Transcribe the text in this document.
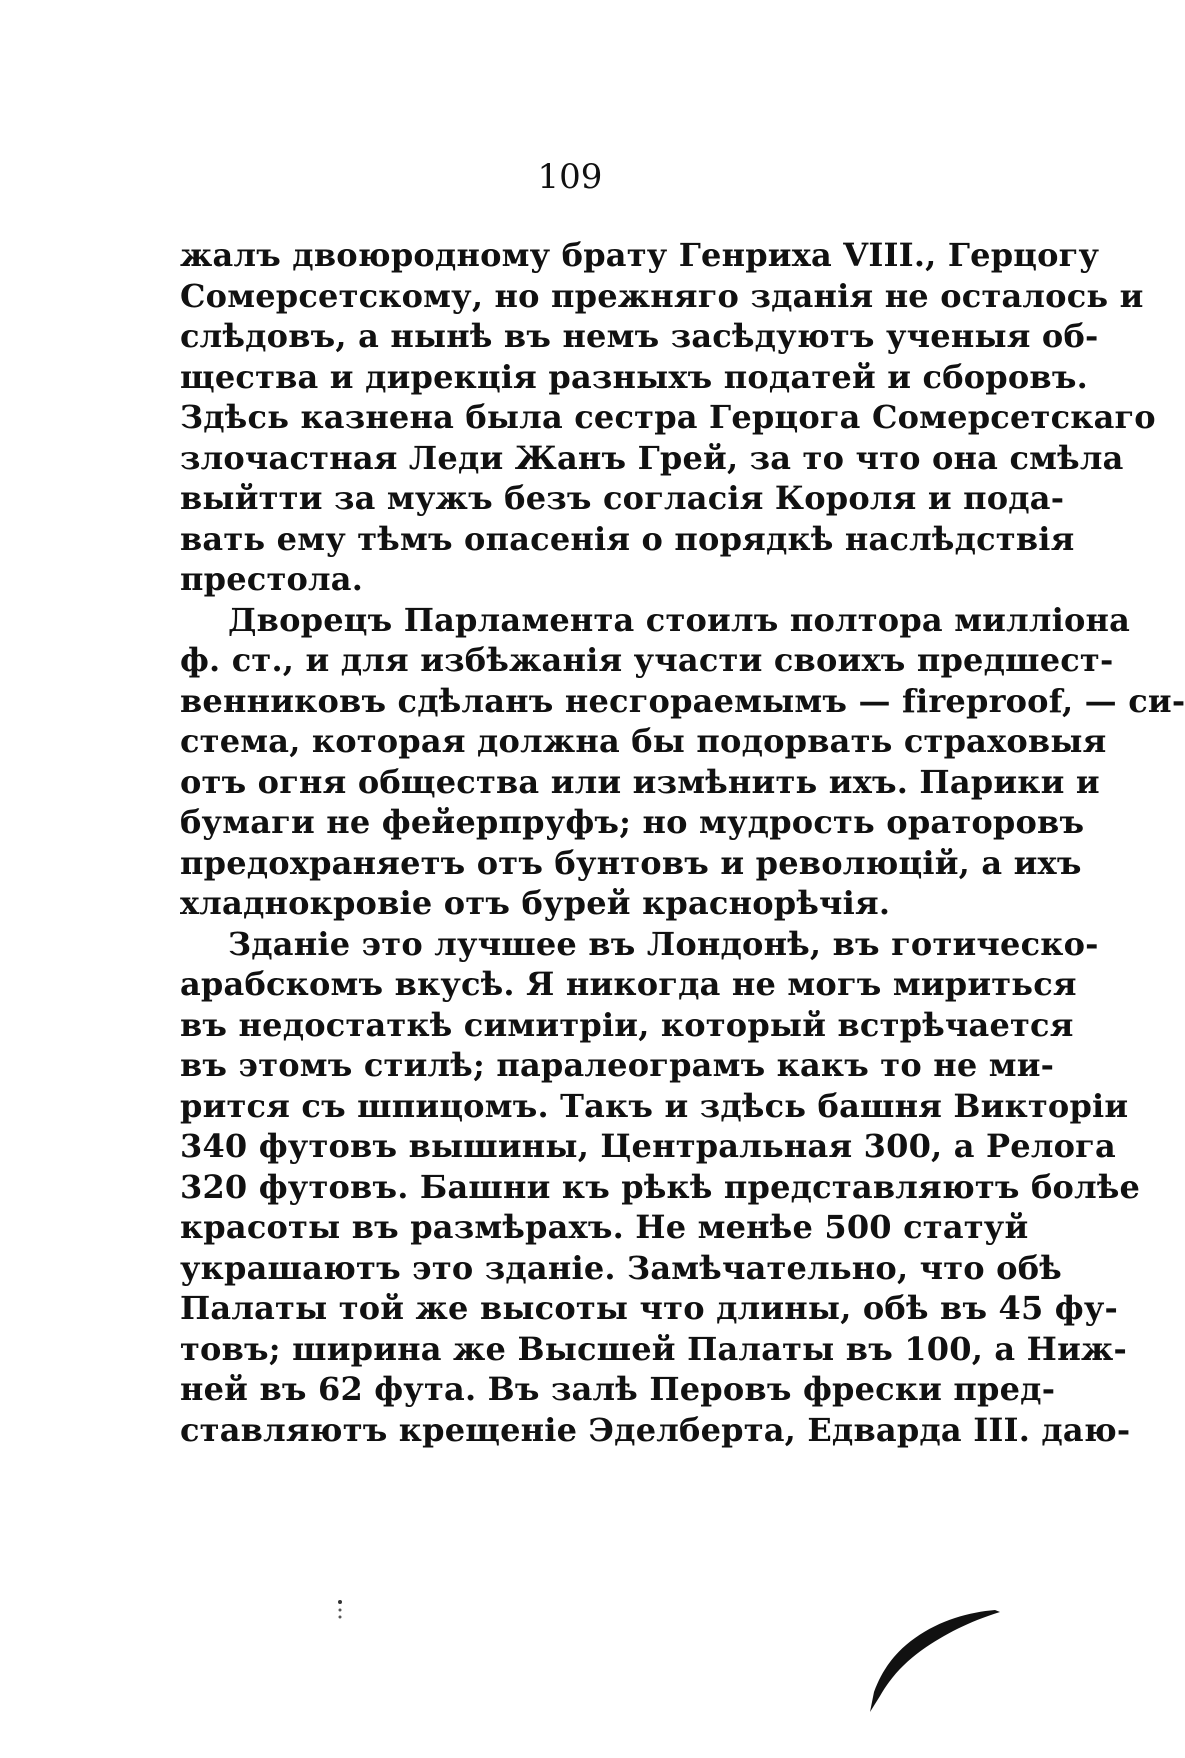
109
жалъ двоюродному брату Генриха VIII., Герцогу
Сомерсетскому, но прежняго зданія не осталось и
слѣдовъ, а нынѣ въ немъ засѣдуютъ ученыя об-
щества и дирекція разныхъ податей и сборовъ.
Здѣсь казнена была сестра Герцога Сомерсетскаго
злочастная Леди Жанъ Грей, за то что она смѣла
выйтти за мужъ безъ согласія Короля и пода-
вать ему тѣмъ опасенія о порядкѣ наслѣдствія
престола.
Дворецъ Парламента стоилъ полтора милліона
ф. ст., и для избѣжанія участи своихъ предшест-
венниковъ сдѣланъ несгораемымъ — fireproof, — си-
стема, которая должна бы подорвать страховыя
отъ огня общества или измѣнить ихъ. Парики и
бумаги не фейерпруфъ; но мудрость ораторовъ
предохраняетъ отъ бунтовъ и революцій, а ихъ
хладнокровіе отъ бурей краснорѣчія.
Зданіе это лучшее въ Лондонѣ, въ готическо-
арабскомъ вкусѣ. Я никогда не могъ мириться
въ недостаткѣ симитріи, который встрѣчается
въ этомъ стилѣ; паралеограмъ какъ то не ми-
рится съ шпицомъ. Такъ и здѣсь башня Викторіи
340 футовъ вышины, Центральная 300, а Релога
320 футовъ. Башни къ рѣкѣ представляютъ болѣе
красоты въ размѣрахъ. Не менѣе 500 статуй
украшаютъ это зданіе. Замѣчательно, что обѣ
Палаты той же высоты что длины, обѣ въ 45 фу-
товъ; ширина же Высшей Палаты въ 100, а Ниж-
ней въ 62 фута. Въ залѣ Перовъ фрески пред-
ставляютъ крещеніе Эделберта, Едварда III. даю-
